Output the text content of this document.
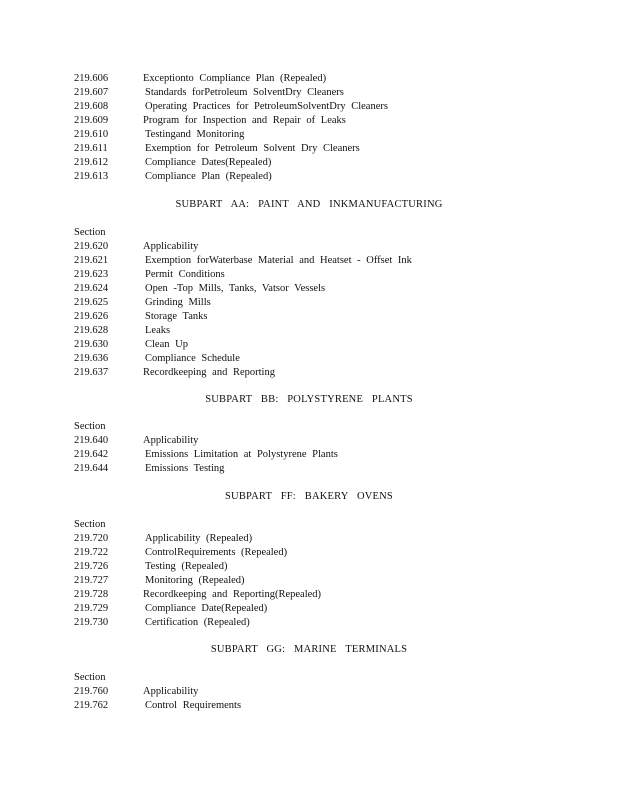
219.606	Exceptionto Compliance Plan (Repealed)
219.607	Standards forPetroleum SolventDry Cleaners
219.608	Operating Practices for PetroleumSolventDry Cleaners
219.609	Program for Inspection and Repair of Leaks
219.610	Testingand Monitoring
219.611	Exemption for Petroleum Solvent Dry Cleaners
219.612	Compliance Dates(Repealed)
219.613	Compliance Plan (Repealed)
SUBPART AA: PAINT AND INKMANUFACTURING
Section
219.620	Applicability
219.621	Exemption forWaterbase Material and Heatset - Offset Ink
219.623	Permit Conditions
219.624	Open -Top Mills, Tanks, Vatsor Vessels
219.625	Grinding Mills
219.626	Storage Tanks
219.628	Leaks
219.630	Clean Up
219.636	Compliance Schedule
219.637	Recordkeeping and Reporting
SUBPART BB: POLYSTYRENE PLANTS
Section
219.640	Applicability
219.642	Emissions Limitation at Polystyrene Plants
219.644	Emissions Testing
SUBPART FF: BAKERY OVENS
Section
219.720	Applicability (Repealed)
219.722	ControlRequirements (Repealed)
219.726	Testing (Repealed)
219.727	Monitoring (Repealed)
219.728	Recordkeeping and Reporting(Repealed)
219.729	Compliance Date(Repealed)
219.730	Certification (Repealed)
SUBPART GG: MARINE TERMINALS
Section
219.760	Applicability
219.762	Control Requirements
